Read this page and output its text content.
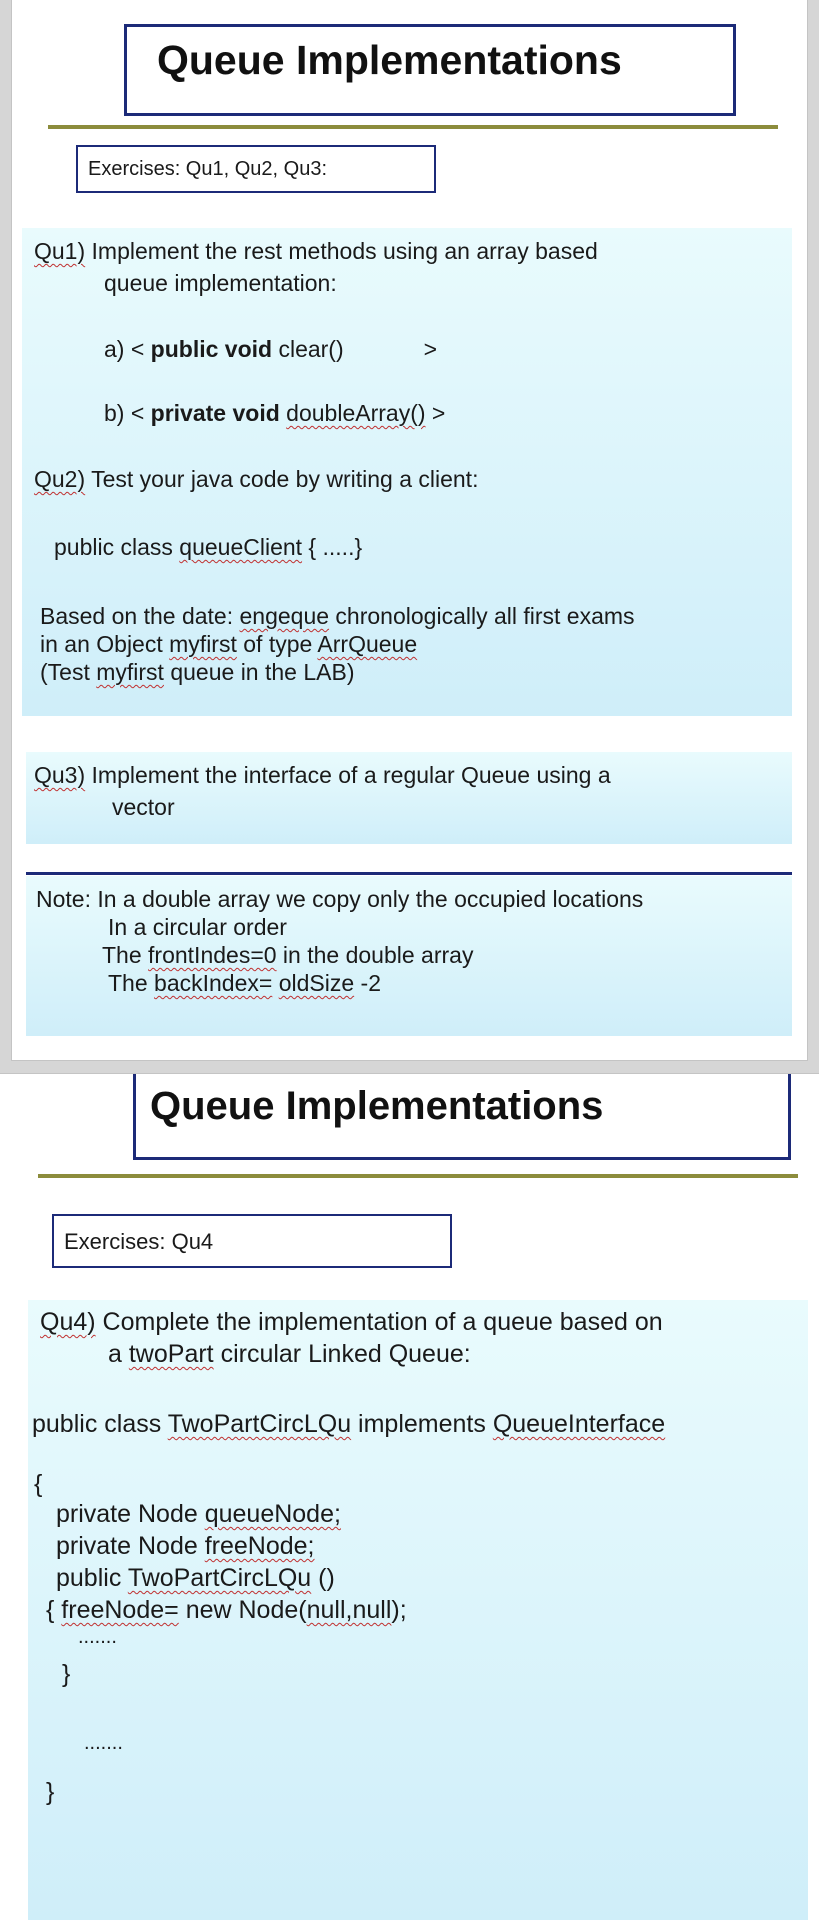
Queue Implementations
Exercises: Qu1, Qu2, Qu3:
Qu1) Implement the rest methods using an array based
queue implementation:
a) < public void clear()	>
b) < private void doubleArray() >
Qu2) Test your java code by writing a client:
public class queueClient { .....}
Based on the date: engeque chronologically all first exams
in an Object myfirst of type ArrQueue
(Test myfirst queue in the LAB)
Qu3) Implement the interface of a regular Queue using a
vector
Note: In a double array we copy only the occupied locations
In a circular order
The frontIndes=0 in the double array
The backIndex= oldSize -2
Queue Implementations
Exercises: Qu4
Qu4) Complete the implementation of a queue based on
a twoPart circular Linked Queue:
public class TwoPartCircLQu implements QueueInterface
{
private Node queueNode;
private Node freeNode;
public TwoPartCircLQu ()
{ freeNode= new Node(null,null);
.......
}
.......
}
